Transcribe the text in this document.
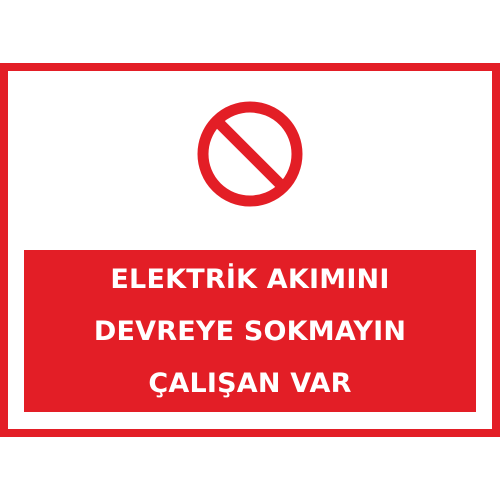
ELEKTRİK AKIMINI
DEVREYE SOKMAYIN
ÇALIŞAN VAR
